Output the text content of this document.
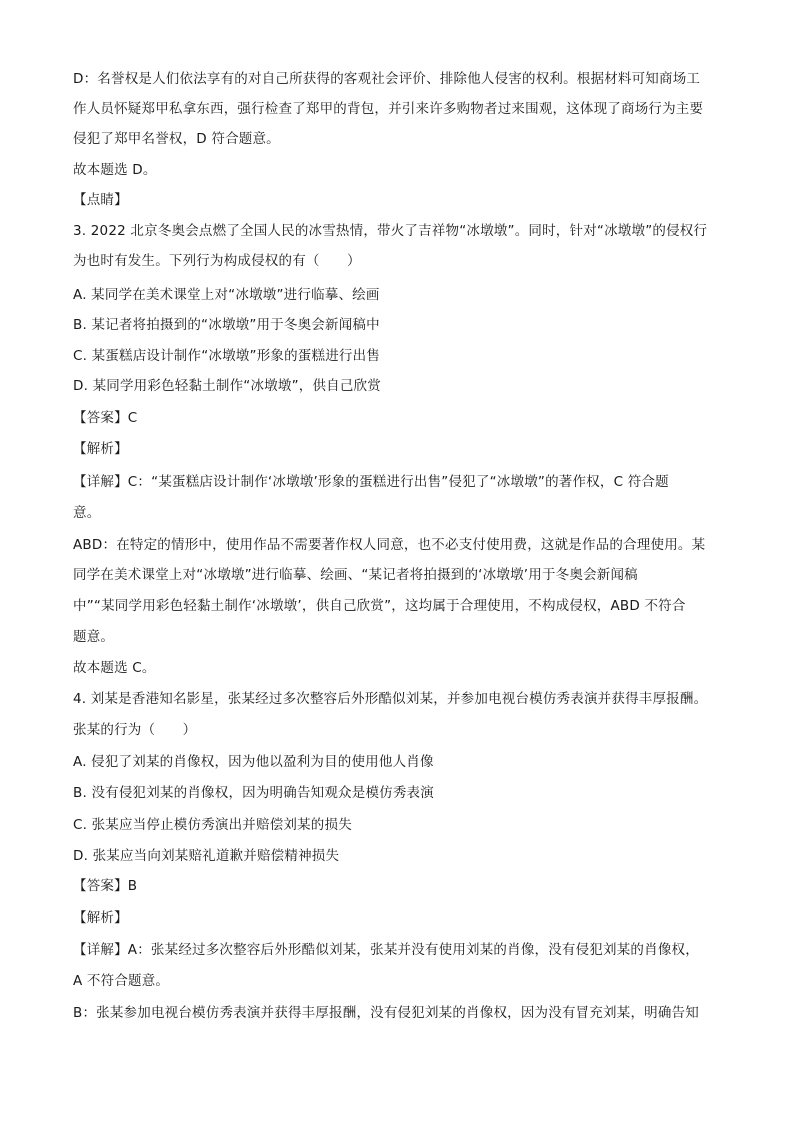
D：名誉权是人们依法享有的对自己所获得的客观社会评价、排除他人侵害的权利。根据材料可知商场工
作人员怀疑郑甲私拿东西，强行检查了郑甲的背包，并引来许多购物者过来围观，这体现了商场行为主要
侵犯了郑甲名誉权，D 符合题意。
故本题选 D。
【点睛】
3. 2022 北京冬奥会点燃了全国人民的冰雪热情，带火了吉祥物“冰墩墩”。同时，针对“冰墩墩”的侵权行
为也时有发生。下列行为构成侵权的有（　　）
A. 某同学在美术课堂上对“冰墩墩”进行临摹、绘画
B. 某记者将拍摄到的“冰墩墩”用于冬奥会新闻稿中
C. 某蛋糕店设计制作“冰墩墩”形象的蛋糕进行出售
D. 某同学用彩色轻黏土制作“冰墩墩”，供自己欣赏
【答案】C
【解析】
【详解】C：“某蛋糕店设计制作‘冰墩墩’形象的蛋糕进行出售”侵犯了“冰墩墩”的著作权，C 符合题
意。
ABD：在特定的情形中，使用作品不需要著作权人同意，也不必支付使用费，这就是作品的合理使用。某
同学在美术课堂上对“冰墩墩”进行临摹、绘画、“某记者将拍摄到的‘冰墩墩’用于冬奥会新闻稿
中”“某同学用彩色轻黏土制作‘冰墩墩’，供自己欣赏”，这均属于合理使用，不构成侵权，ABD 不符合
题意。
故本题选 C。
4. 刘某是香港知名影星，张某经过多次整容后外形酷似刘某，并参加电视台模仿秀表演并获得丰厚报酬。
张某的行为（　　）
A. 侵犯了刘某的肖像权，因为他以盈利为目的使用他人肖像
B. 没有侵犯刘某的肖像权，因为明确告知观众是模仿秀表演
C. 张某应当停止模仿秀演出并赔偿刘某的损失
D. 张某应当向刘某赔礼道歉并赔偿精神损失
【答案】B
【解析】
【详解】A：张某经过多次整容后外形酷似刘某，张某并没有使用刘某的肖像，没有侵犯刘某的肖像权，
A 不符合题意。
B：张某参加电视台模仿秀表演并获得丰厚报酬，没有侵犯刘某的肖像权，因为没有冒充刘某，明确告知
